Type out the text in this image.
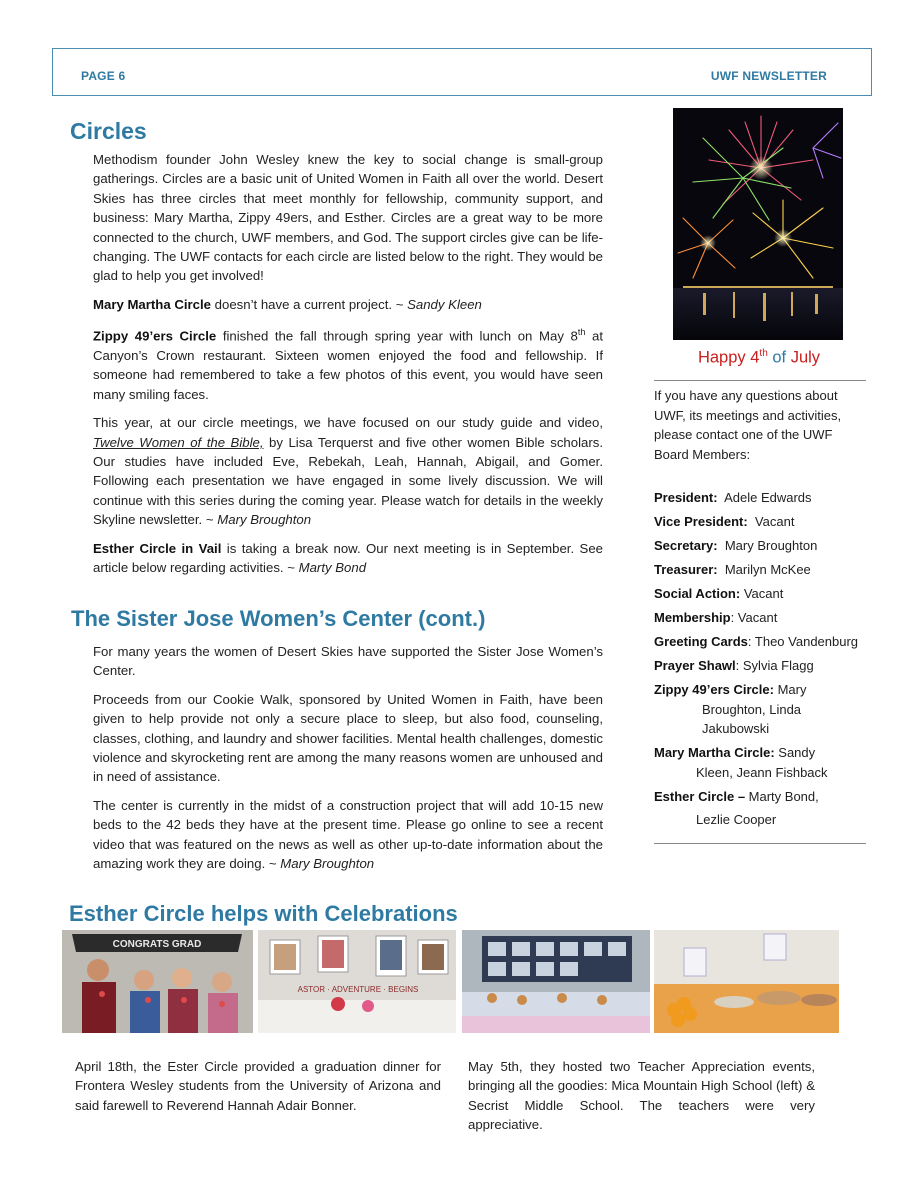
PAGE 6	UWF NEWSLETTER
Circles

Methodism founder John Wesley knew the key to social change is small-group gatherings. Circles are a basic unit of United Women in Faith all over the world. Desert Skies has three circles that meet monthly for fellowship, community support, and business: Mary Martha, Zippy 49ers, and Esther. Circles are a great way to be more connected to the church, UWF members, and God. The support circles give can be life-changing. The UWF contacts for each circle are listed below to the right. They would be glad to help you get involved!

Mary Martha Circle doesn’t have a current project. ~ Sandy Kleen

Zippy 49’ers Circle finished the fall through spring year with lunch on May 8th at Canyon’s Crown restaurant. Sixteen women enjoyed the food and fellowship. If someone had remembered to take a few photos of this event, you would have seen many smiling faces.

This year, at our circle meetings, we have focused on our study guide and video, Twelve Women of the Bible, by Lisa Terquerst and five other women Bible scholars. Our studies have included Eve, Rebekah, Leah, Hannah, Abigail, and Gomer. Following each presentation we have engaged in some lively discussion. We will continue with this series during the coming year. Please watch for details in the weekly Skyline newsletter. ~ Mary Broughton

Esther Circle in Vail is taking a break now. Our next meeting is in September. See article below regarding activities. ~ Marty Bond

The Sister Jose Women’s Center (cont.)

For many years the women of Desert Skies have supported the Sister Jose Women’s Center.

Proceeds from our Cookie Walk, sponsored by United Women in Faith, have been given to help provide not only a secure place to sleep, but also food, counseling, classes, clothing, and laundry and shower facilities. Mental health challenges, domestic violence and skyrocketing rent are among the many reasons women are unhoused and in need of assistance.

The center is currently in the midst of a construction project that will add 10-15 new beds to the 42 beds they have at the present time. Please go online to see a recent video that was featured on the news as well as other up-to-date information about the amazing work they are doing. ~ Mary Broughton

Happy 4th of July
If you have any questions about UWF, its meetings and activities, please contact one of the UWF Board Members:
President:  Adele Edwards
Vice President:  Vacant
Secretary:  Mary Broughton
Treasurer:  Marilyn McKee
Social Action: Vacant
Membership: Vacant
Greeting Cards: Theo Vandenburg
Prayer Shawl: Sylvia Flagg
Zippy 49’ers Circle: Mary
Broughton, Linda Jakubowski
Mary Martha Circle: Sandy
Kleen, Jeann Fishback
Esther Circle – Marty Bond,
Lezlie Cooper
Esther Circle helps with Celebrations
CONGRATS GRAD
ASTOR · ADVENTURE · BEGINS
April 18th, the Ester Circle provided a graduation dinner for Frontera Wesley students from the University of Arizona and said farewell to Reverend Hannah Adair Bonner.
May 5th, they hosted two Teacher Appreciation events, bringing all the goodies: Mica Mountain High School (left) & Secrist Middle School. The teachers were very appreciative.
